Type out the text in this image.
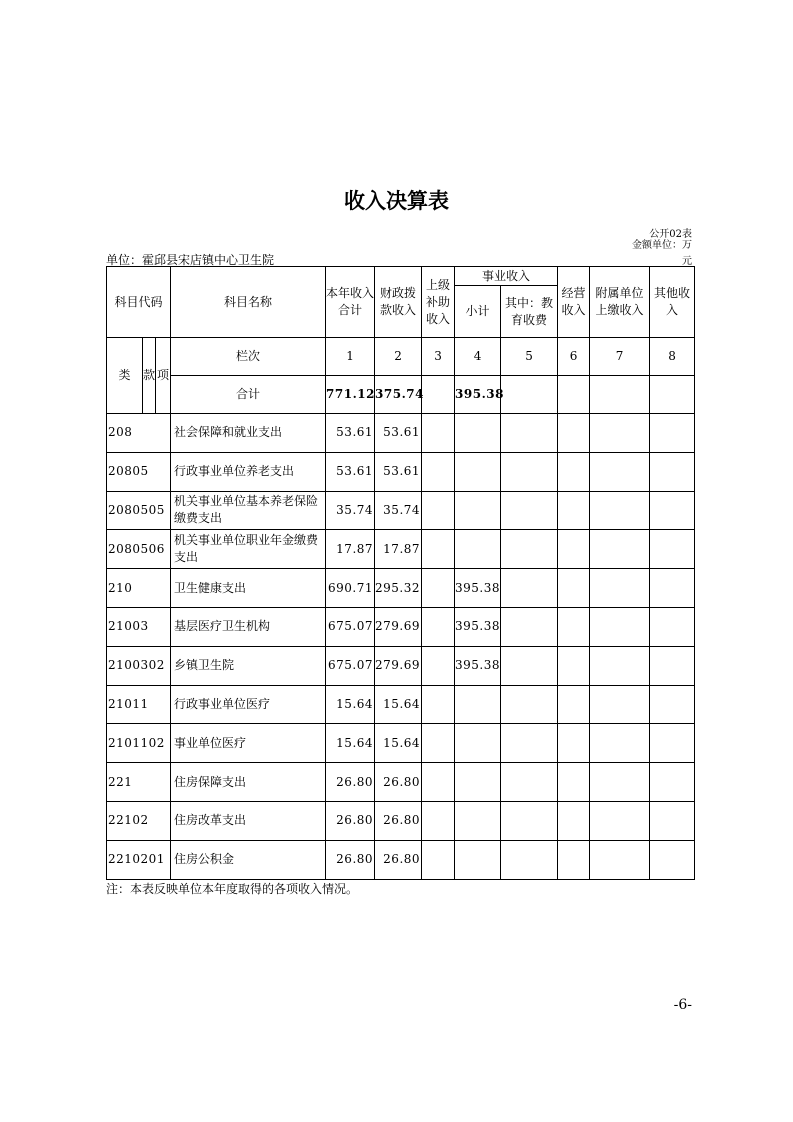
收入决算表
公开02表
金额单位：万元
单位：霍邱县宋店镇中心卫生院
科目代码			科目名称	本年收入合计	财政拨款收入	上级补助收入	事业收入		经营收入	附属单位上缴收入	其他收入
							小计	其中：教育收费			
类	款	项	栏次	1	2	3	4	5	6	7	8
			合计	771.12	375.74		395.38				
208			社会保障和就业支出	53.61	53.61						
20805			行政事业单位养老支出	53.61	53.61						
2080505			机关事业单位基本养老保险缴费支出	35.74	35.74						
2080506			机关事业单位职业年金缴费支出	17.87	17.87						
210			卫生健康支出	690.71	295.32		395.38				
21003			基层医疗卫生机构	675.07	279.69		395.38				
2100302			乡镇卫生院	675.07	279.69		395.38				
21011			行政事业单位医疗	15.64	15.64						
2101102			事业单位医疗	15.64	15.64						
221			住房保障支出	26.80	26.80						
22102			住房改革支出	26.80	26.80						
2210201			住房公积金	26.80	26.80						
注：本表反映单位本年度取得的各项收入情况。
-6-
